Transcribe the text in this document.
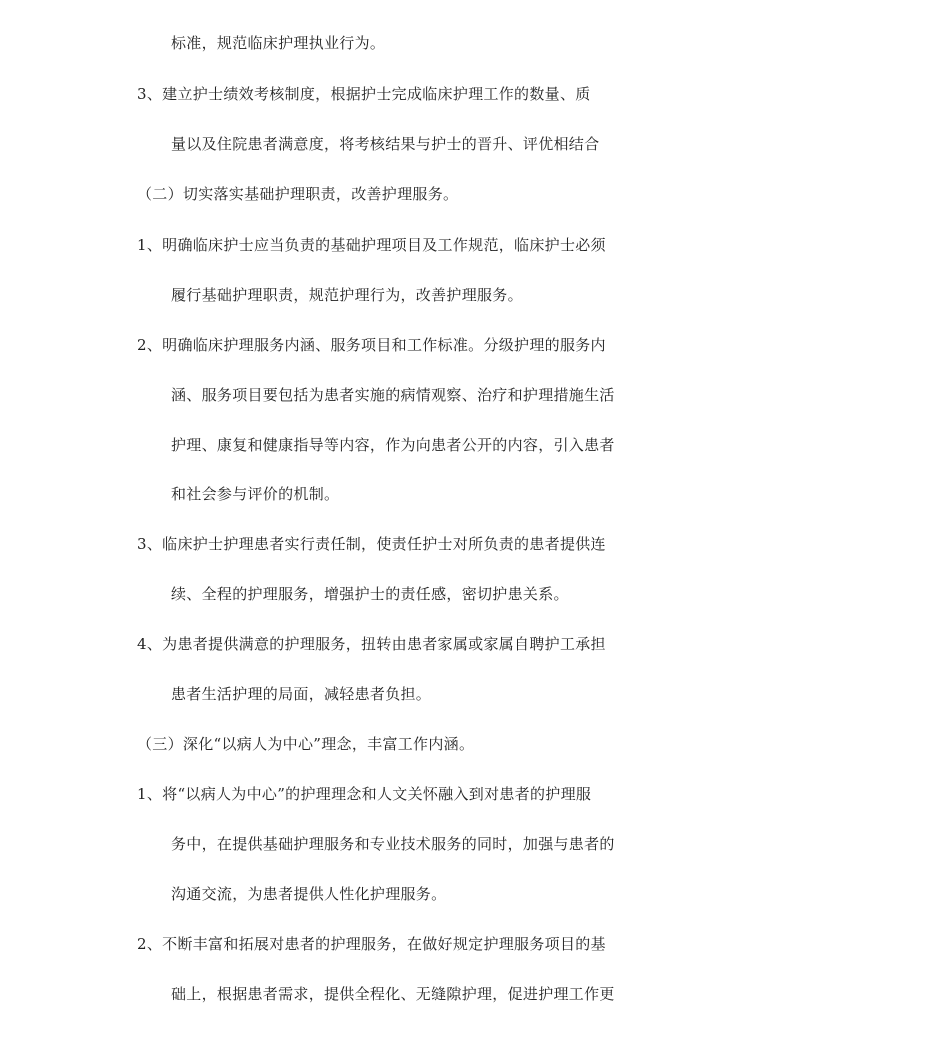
标准，规范临床护理执业行为。
3、建立护士绩效考核制度，根据护士完成临床护理工作的数量、质
量以及住院患者满意度，将考核结果与护士的晋升、评优相结合
（二）切实落实基础护理职责，改善护理服务。
1、明确临床护士应当负责的基础护理项目及工作规范，临床护士必须
履行基础护理职责，规范护理行为，改善护理服务。
2、明确临床护理服务内涵、服务项目和工作标准。分级护理的服务内
涵、服务项目要包括为患者实施的病情观察、治疗和护理措施生活
护理、康复和健康指导等内容，作为向患者公开的内容，引入患者
和社会参与评价的机制。
3、临床护士护理患者实行责任制，使责任护士对所负责的患者提供连
续、全程的护理服务，增强护士的责任感，密切护患关系。
4、为患者提供满意的护理服务，扭转由患者家属或家属自聘护工承担
患者生活护理的局面，减轻患者负担。
（三）深化“以病人为中心”理念，丰富工作内涵。
1、将“以病人为中心”的护理理念和人文关怀融入到对患者的护理服
务中，在提供基础护理服务和专业技术服务的同时，加强与患者的
沟通交流，为患者提供人性化护理服务。
2、不断丰富和拓展对患者的护理服务，在做好规定护理服务项目的基
础上，根据患者需求，提供全程化、无缝隙护理，促进护理工作更
